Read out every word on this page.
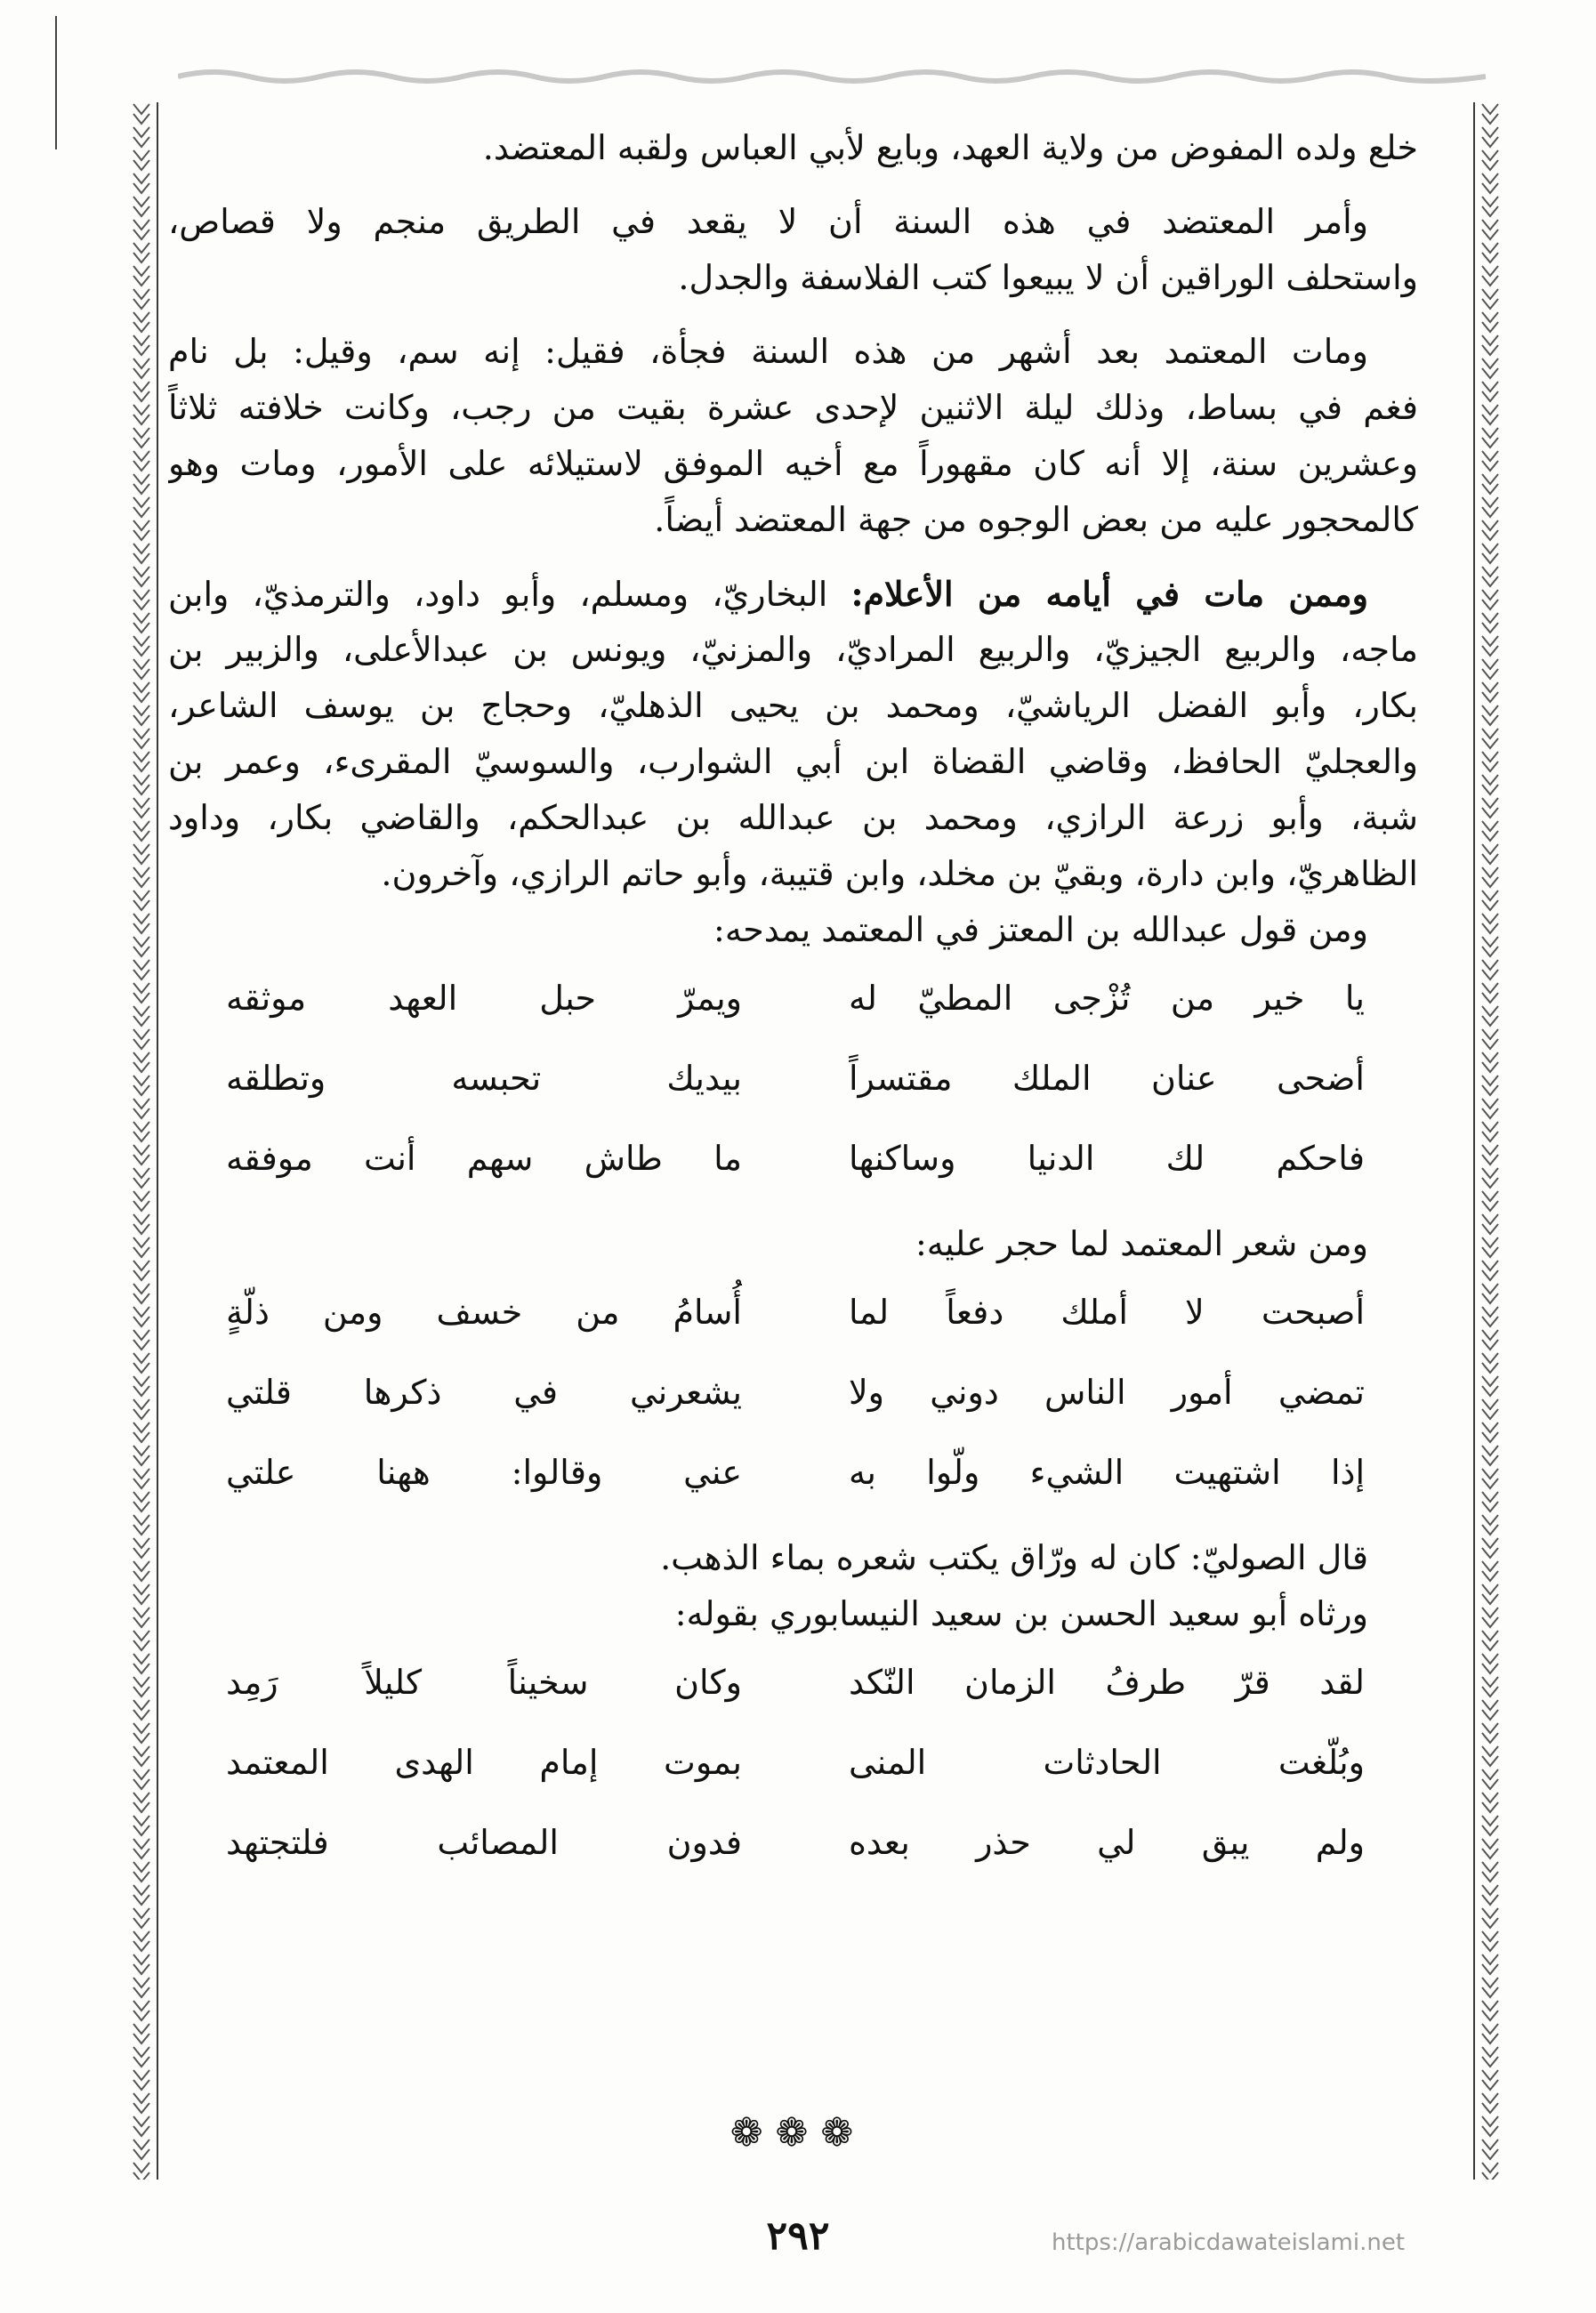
خلع ولده المفوض من ولاية العهد، وبايع لأبي العباس ولقبه المعتضد.
وأمر المعتضد في هذه السنة أن لا يقعد في الطريق منجم ولا قصاص،
واستحلف الوراقين أن لا يبيعوا كتب الفلاسفة والجدل.
ومات المعتمد بعد أشهر من هذه السنة فجأة، فقيل: إنه سم، وقيل: بل نام
فغم في بساط، وذلك ليلة الاثنين لإحدى عشرة بقيت من رجب، وكانت خلافته ثلاثاً
وعشرين سنة، إلا أنه كان مقهوراً مع أخيه الموفق لاستيلائه على الأمور، ومات وهو
كالمحجور عليه من بعض الوجوه من جهة المعتضد أيضاً.
وممن مات في أيامه من الأعلام: البخاريّ، ومسلم، وأبو داود، والترمذيّ، وابن
ماجه، والربيع الجيزيّ، والربيع المراديّ، والمزنيّ، ويونس بن عبدالأعلى، والزبير بن
بكار، وأبو الفضل الرياشيّ، ومحمد بن يحيى الذهليّ، وحجاج بن يوسف الشاعر،
والعجليّ الحافظ، وقاضي القضاة ابن أبي الشوارب، والسوسيّ المقرىء، وعمر بن
شبة، وأبو زرعة الرازي، ومحمد بن عبدالله بن عبدالحكم، والقاضي بكار، وداود
الظاهريّ، وابن دارة، وبقيّ بن مخلد، وابن قتيبة، وأبو حاتم الرازي، وآخرون.
ومن قول عبدالله بن المعتز في المعتمد يمدحه:
يا خير من تُزْجى المطيّ له
ويمرّ حبل العهد موثقه
أضحى عنان الملك مقتسراً
بيديك تحبسه وتطلقه
فاحكم لك الدنيا وساكنها
ما طاش سهم أنت موفقه
ومن شعر المعتمد لما حجر عليه:
أصبحت لا أملك دفعاً لما
أُسامُ من خسف ومن ذلّةٍ
تمضي أمور الناس دوني ولا
يشعرني في ذكرها قلتي
إذا اشتهيت الشيء ولّوا به
عني وقالوا: ههنا علتي
قال الصوليّ: كان له ورّاق يكتب شعره بماء الذهب.
ورثاه أبو سعيد الحسن بن سعيد النيسابوري بقوله:
لقد قرّ طرفُ الزمان النّكد
وكان سخيناً كليلاً رَمِد
وبُلّغت الحادثات المنى
بموت إمام الهدى المعتمد
ولم يبق لي حذر بعده
فدون المصائب فلتجتهد
❁❁❁
٢٩٢	https://arabicdawateislami.net
